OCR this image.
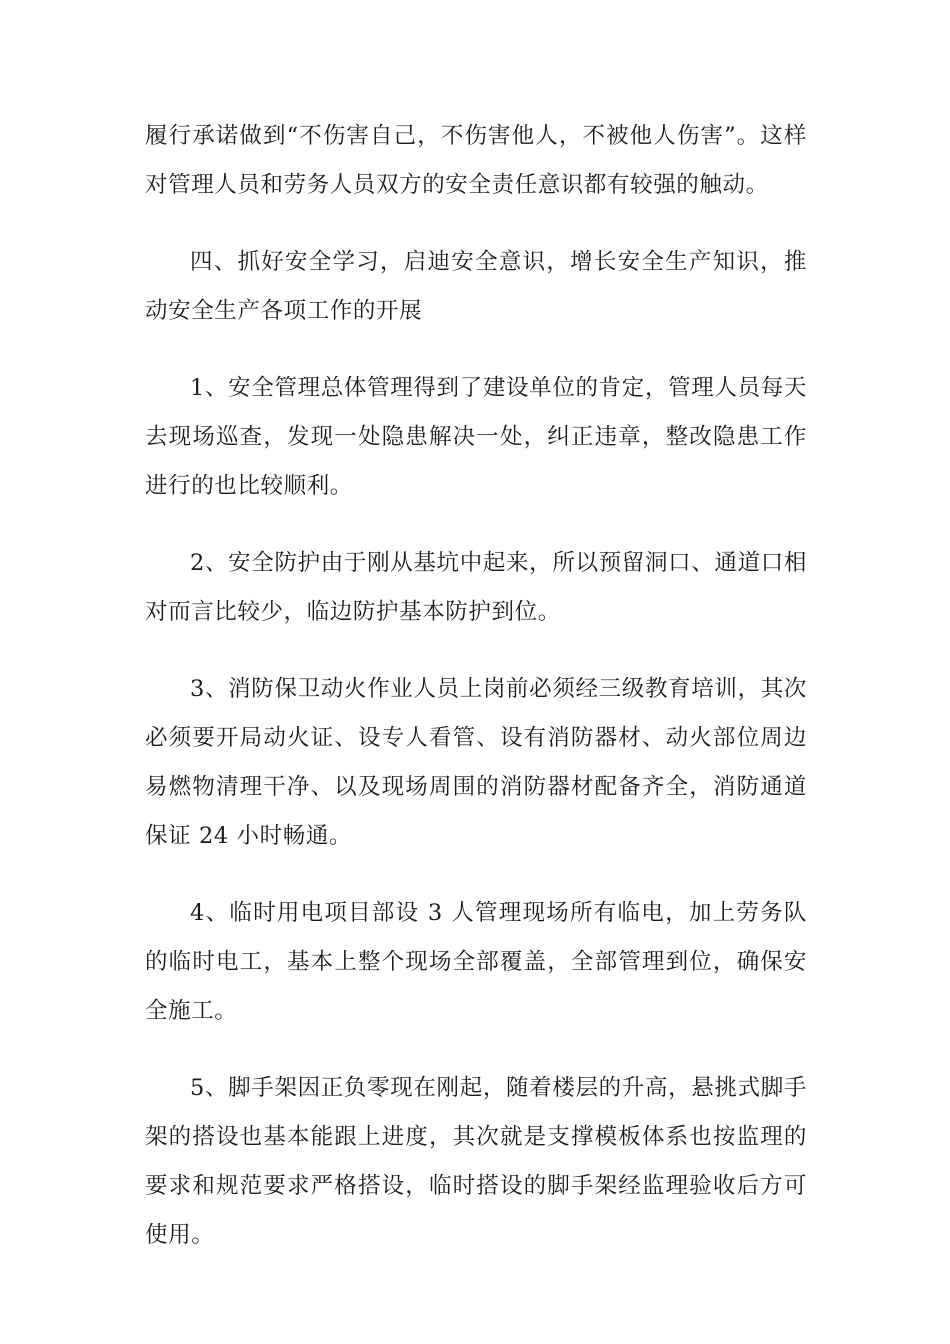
履行承诺做到“不伤害自己，不伤害他人，不被他人伤害”。这样对管理人员和劳务人员双方的安全责任意识都有较强的触动。

四、抓好安全学习，启迪安全意识，增长安全生产知识，推动安全生产各项工作的开展

1、安全管理总体管理得到了建设单位的肯定，管理人员每天去现场巡查，发现一处隐患解决一处，纠正违章，整改隐患工作进行的也比较顺利。

2、安全防护由于刚从基坑中起来，所以预留洞口、通道口相对而言比较少，临边防护基本防护到位。

3、消防保卫动火作业人员上岗前必须经三级教育培训，其次必须要开局动火证、设专人看管、设有消防器材、动火部位周边易燃物清理干净、以及现场周围的消防器材配备齐全，消防通道保证 24 小时畅通。

4、临时用电项目部设 3 人管理现场所有临电，加上劳务队的临时电工，基本上整个现场全部覆盖，全部管理到位，确保安全施工。

5、脚手架因正负零现在刚起，随着楼层的升高，悬挑式脚手架的搭设也基本能跟上进度，其次就是支撑模板体系也按监理的要求和规范要求严格搭设，临时搭设的脚手架经监理验收后方可使用。
